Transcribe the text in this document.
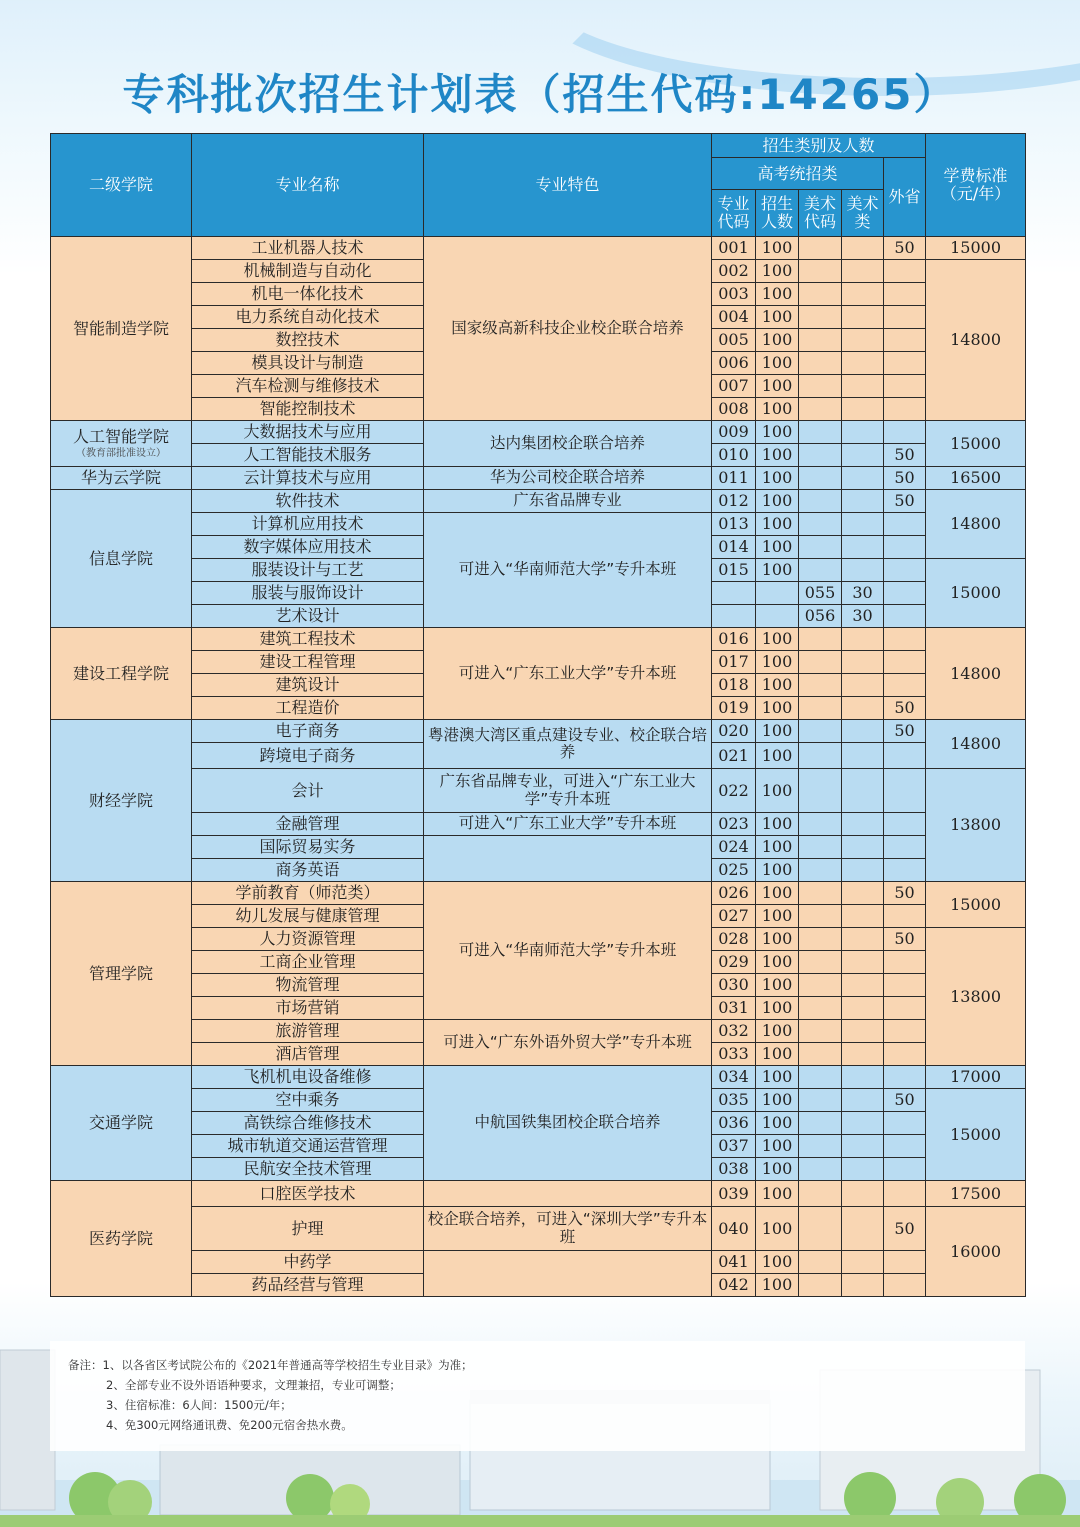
专科批次招生计划表（招生代码:14265）
二级学院	专业名称	专业特色	招生类别及人数					学费标准（元/年）
			高考统招类				外省	
			专业代码	招生人数	美术代码	美术类		
智能制造学院	工业机器人技术	国家级高新科技企业校企联合培养	001	100			50	15000
	机械制造与自动化		002	100				14800
	机电一体化技术		003	100				
	电力系统自动化技术		004	100				
	数控技术		005	100				
	模具设计与制造		006	100				
	汽车检测与维修技术		007	100				
	智能控制技术		008	100				
人工智能学院
（教育部批准设立）	大数据技术与应用	达内集团校企联合培养	009	100				15000
	人工智能技术服务		010	100			50	
华为云学院	云计算技术与应用	华为公司校企联合培养	011	100			50	16500
信息学院	软件技术	广东省品牌专业	012	100			50	14800
	计算机应用技术	可进入“华南师范大学”专升本班	013	100				
	数字媒体应用技术		014	100				
	服装设计与工艺		015	100				15000
	服装与服饰设计				055	30		
	艺术设计				056	30		
建设工程学院	建筑工程技术	可进入“广东工业大学”专升本班	016	100				14800
	建设工程管理		017	100				
	建筑设计		018	100				
	工程造价		019	100			50	
财经学院	电子商务	粤港澳大湾区重点建设专业、校企联合培养	020	100			50	14800
	跨境电子商务		021	100				
	会计	广东省品牌专业，可进入“广东工业大学”专升本班	022	100				13800
	金融管理	可进入“广东工业大学”专升本班	023	100				
	国际贸易实务		024	100				
	商务英语		025	100				
管理学院	学前教育（师范类）	可进入“华南师范大学”专升本班	026	100			50	15000
	幼儿发展与健康管理		027	100				
	人力资源管理		028	100			50	13800
	工商企业管理		029	100				
	物流管理		030	100				
	市场营销		031	100				
	旅游管理	可进入“广东外语外贸大学”专升本班	032	100				
	酒店管理		033	100				
交通学院	飞机机电设备维修	中航国铁集团校企联合培养	034	100				17000
	空中乘务		035	100			50	15000
	高铁综合维修技术		036	100				
	城市轨道交通运营管理		037	100				
	民航安全技术管理		038	100				
医药学院	口腔医学技术		039	100				17500
	护理	校企联合培养，可进入“深圳大学”专升本班	040	100			50	16000
	中药学		041	100				
	药品经营与管理		042	100				
备注：1、以各省区考试院公布的《2021年普通高等学校招生专业目录》为准；
2、全部专业不设外语语种要求，文理兼招，专业可调整；
3、住宿标准：6人间：1500元/年；
4、免300元网络通讯费、免200元宿舍热水费。
